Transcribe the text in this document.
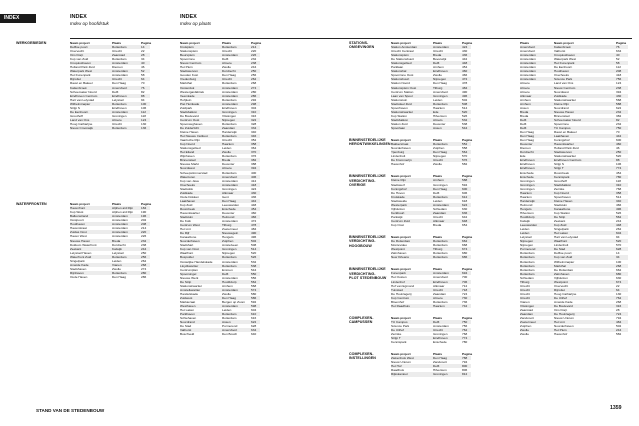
INDEX	INDEX
Index op hoofdstuk
INDEX
Index op plaats
WERKGEBIEDEN	Naam project	Plaats	Pagina
Delftse poort	Rotterdam	14
Overvecht	Utrecht	22
Ons Dorp	Zaanstad	28
Kop van Zuid	Rotterdam	34
Cruquiushaven	Amsterdam	40
Holland Park Zuid	Diemen	46
Waterpark West	Amsterdam	52
Het Funenpark	Amsterdam	58
Rijnvliet	Utrecht	64
Ravel en Bakeel	Den Haag	70
Kattenbroek	Amersfoort	76
Schoemaker Noord	Delft	82
Eindhoven Centrum	Eindhoven	88
Hart van Lelystad	Lelystad	94
Wilhelminapier	Rotterdam	100
Strijp S	Eindhoven	106
De Eenhoorn	Amsterdam	112
Groothoff	Groningen	118
Land van Ons	Almere	124
Hoog Catharijne	Utrecht	130
Nieuw Crooswijk	Rotterdam	136
WATERFRONTEN	Naam project	Plaats	Pagina
Havenfront	Alphen a/d Rijn	184
Kop West	Alphen a/d Rijn	190
Balkonstrand	Amsterdam	196
Oostpoort	Amsterdam	202
Houthaven	Amsterdam	208
Havenstraat	Amsterdam	214
Zuidas Oost	Amsterdam	220
Haven West	Amsterdam	226
Nieuwe Haven	Breda	232
Dokkum Waterfront	Dordrecht	238
Zeekant	Katwijk	244
Lelystad Haven	Lelystad	250
Waterfront Zuid	Rotterdam	256
Singelpark	Leiden	262
Ameide Kade	Vianen	268
Stadshaven	Zwolle	274
Rijnhaven	Rotterdam	280
Oude Haven	Den Haag	286
Naam project	Plaats	Pagina
Kruisplein	Rotterdam	214
Stationsplein	Utrecht	220
Beursplein	Amsterdam	226
Spoorzone	Delft	232
Nieuw Centrum	Almere	238
Het Plein	Zwolle	244
Stadswerven	Dordrecht	250
Gouden Kust	Den Haag	256
Vredenburg	Utrecht	262
Markthal	Rotterdam	268
Oosterdok	Amsterdam	274
Westergasfabriek	Amsterdam	280
Veemkade	Amsterdam	286
Hofplein	Rotterdam	292
Piet Heinkade	Amsterdam	298
Zuidpark	Eindhoven	304
Stadsbalkon	Groningen	310
De Boulevard	Vlissingen	316
Centrum Oost	Nijmegen	322
Spoorweghaven	Rotterdam	328
De Zuiderlicht	Zaandam	334
Kleine Haven	Harderwijk	340
Het Nieuwe Instituut	Rotterdam	346
Vaartsche Rijn	Utrecht	352
Kop Noord	Haarlem	358
Stationsgebied	Leiden	364
Het Eiland	Zwolle	370
Wijnhaven	Rotterdam	376
Binnenstad	Breda	382
Nieuwe Markt	Deventer	388
Noordwest	Almere	394
Scheepstimmerstad	Rotterdam	400
Watertoren	Amersfoort	406
Kop van Java	Amsterdam	412
Overhoeks	Amsterdam	418
Stadsdok	Groningen	424
Zuidkade	Alkmaar	430
Oude Dokken	Gent	436
Laakhaven	Den Haag	442
Kop Zuid	Leeuwarden	448
Roombeek	Enschede	454
Havenkwartier	Deventer	460
Stadstuin	Helmond	466
De Kolk	Amsterdam	472
Centrum West	Tilburg	478
Het Lint	Zoetermeer	484
De Rijf	Nieuwegein	490
Kanaalzone	Hengelo	496
Noorderhaven	Zutphen	502
Stadshart	Amstelveen	508
Kop van Oost	Groningen	514
Waalfront	Nijmegen	520
Bospolder	Rotterdam	526
Oostelijke Handelskade	Amsterdam	532
Lloydkwartier	Rotterdam	538
Centrumplan	Emmen	544
Spoorsingel	Delft	550
Nieuwe Werk	Amsterdam	556
De Strip	Hoofddorp	562
Stationskwartier	Arnhem	568
Amstelkwartier	Amsterdam	574
Handelskade	Zwolle	580
Zuidwest	Den Haag	586
Markiezaat	Bergen op Zoom	592
Westhaven	Amsterdam	598
Het Laken	Leiden	604
Parkhaven	Rotterdam	610
Schiehaven	Rotterdam	616
Noordrand	Assen	622
De Stad	Purmerend	628
Vathorst	Amersfoort	634
Boschveld	Den Bosch	640
STATIONS-
OMGEVINGEN
Naam project	Plaats	Pagina
Station Amsterdam	Amsterdam	424
Utrecht Centraal	Utrecht	430
Stationsplein	Breda	436
De Stationsbuurt	Beverwijk	442
Stationsgebied	Delft	448
Parklaan	Arnhem	454
Stationshal	Eindhoven	460
Spoorzone Oost	Zwolle	466
Stationsbuurt	Nijmegen	472
Station Noord	Den Haag	478
Stationsplein Oost	Tilburg	484
Centrum Station	Amersfoort	490
Laan van Spoor	Groningen	496
Stationstuin	Leiden	502
Stadsdeel Zuid	Rotterdam	508
Spoorhaven	Haarlem	514
Stationskwartier	Ede	520
Kop Station	Hilversum	526
Stadsbalkon	Almelo	532
Station Zuid	Deventer	538
Spoorlaan	Assen	544
BINNENSTEDELIJKE
HERONTWIKKELINGEN
Naam project	Plaats	Pagina
Bakkerstraat	Rotterdam	552
Noorderhaven	Zutphen	558
Ypenburg	Den Haag	564
Lindenholt	Nijmegen	570
De Krommerijn	Utrecht	576
Havenhof	Zwolle	582
BINNENSTEDELIJKE
VERDICHTING-
OVERIGE
Naam project	Plaats	Pagina
Kleine Rijn	Arnhem	588
Stadswerf	Groningen	594
Koningshof	Den Haag	600
De Hoven	Delft	606
Kruiskade	Rotterdam	612
Stadsweide	Leiden	618
Westerpark	Amsterdam	624
Vijfsluizen	Schiedam	630
Kerkbuurt	Zaandam	636
Parkwijk	Utrecht	642
Centrum Zuid	Alkmaar	648
Kop Oost	Breda	654
BINNENSTEDELIJKE
VERDICHTING-
HOOGBOUW
Naam project	Plaats	Pagina
De Rotterdam	Rotterdam	662
Montevideo	Rotterdam	668
Westpoint	Tilburg	674
Zalmhaven	Rotterdam	680
New Orleans	Rotterdam	686
BINNENSTEDELIJKE
VERDICHTING-
PLOT STEDENBOUW
Naam project	Plaats	Pagina
Funenpark	Amsterdam	694
Het Oosten	Amersfoort	700
Lindenhof	Eindhoven	706
Hof van Egmond	Alkmaar	712
Tuinstad	Utrecht	718
De Houtzagerij	Zaandam	724
Kop Centrum	Almere	730
Bloemhof	Rotterdam	736
Het Raadhuis	Haarlem	742
COMPLEXEN-
CAMPUSSEN
Naam project	Plaats	Pagina
TU Campus	Delft	750
Science Park	Amsterdam	756
De Uithof	Utrecht	762
Zernike	Groningen	768
Strijp T	Eindhoven	774
Kennispark	Enschede	780
COMPLEXEN-
INSTELLINGEN
Naam project	Plaats	Pagina
Ziekenhuis West	Den Haag	788
Nieuw Unicum	Zandvoort	794
Het Hof	Delft	800
Raadhuis	Hilversum	806
Rijkskantoor	Groningen	812
Plaats	Naam project	Pagina
Amersfoort	Kattenbroek	76
Amersfoort	Vathorst	634
Amsterdam	Cruquiushaven	40
Amsterdam	Waterpark West	52
Amsterdam	Het Funenpark	58
Amsterdam	De Eenhoorn	112
Amsterdam	Houthaven	208
Amsterdam	Overhoeks	418
Amsterdam	Science Park	756
Almere	Land van Ons	124
Almere	Nieuw Centrum	238
Almere	Noordwest	394
Alkmaar	Zuidkade	430
Arnhem	Stationskwartier	568
Arnhem	Kleine Rijn	588
Assen	Noordrand	622
Breda	Nieuwe Haven	232
Breda	Binnenstad	382
Delft	Schoemaker Noord	82
Delft	Spoorzone	232
Delft	TU Campus	750
Den Haag	Ravel en Bakeel	70
Den Haag	Laakhaven	442
Den Haag	Koningshof	600
Deventer	Havenkwartier	460
Diemen	Holland Park Zuid	46
Dordrecht	Stadswerven	250
Ede	Stationskwartier	520
Eindhoven	Eindhoven Centrum	88
Eindhoven	Strijp S	106
Eindhoven	Strijp T	774
Enschede	Roombeek	454
Enschede	Kennispark	780
Groningen	Groothoff	118
Groningen	Stadsbalkon	310
Groningen	Zernike	768
Haarlem	Kop Noord	358
Haarlem	Spoorhaven	514
Harderwijk	Kleine Haven	340
Helmond	Stadstuin	466
Hengelo	Kanaalzone	496
Hilversum	Kop Station	526
Hoofddorp	De Strip	562
Katwijk	Zeekant	244
Leeuwarden	Kop Zuid	448
Leiden	Singelpark	262
Leiden	Het Laken	604
Lelystad	Hart van Lelystad	94
Nijmegen	Waalfront	520
Nijmegen	Lindenholt	570
Purmerend	De Stad	628
Rotterdam	Delftse poort	14
Rotterdam	Kop van Zuid	34
Rotterdam	Wilhelminapier	100
Rotterdam	Markthal	268
Rotterdam	De Rotterdam	662
Rotterdam	Zalmhaven	680
Schiedam	Vijfsluizen	630
Tilburg	Westpoint	674
Utrecht	Overvecht	22
Utrecht	Rijnvliet	64
Utrecht	Hoog Catharijne	130
Utrecht	De Uithof	762
Vianen	Ameide Kade	268
Vlissingen	De Boulevard	316
Zaanstad	Ons Dorp	28
Zaandam	De Houtzagerij	724
Zandvoort	Nieuw Unicum	794
Zoetermeer	Het Lint	484
Zutphen	Noorderhaven	502
Zwolle	Het Plein	244
Zwolle	Havenhof	582
STAND VAN DE STEDENBOUW	1359
